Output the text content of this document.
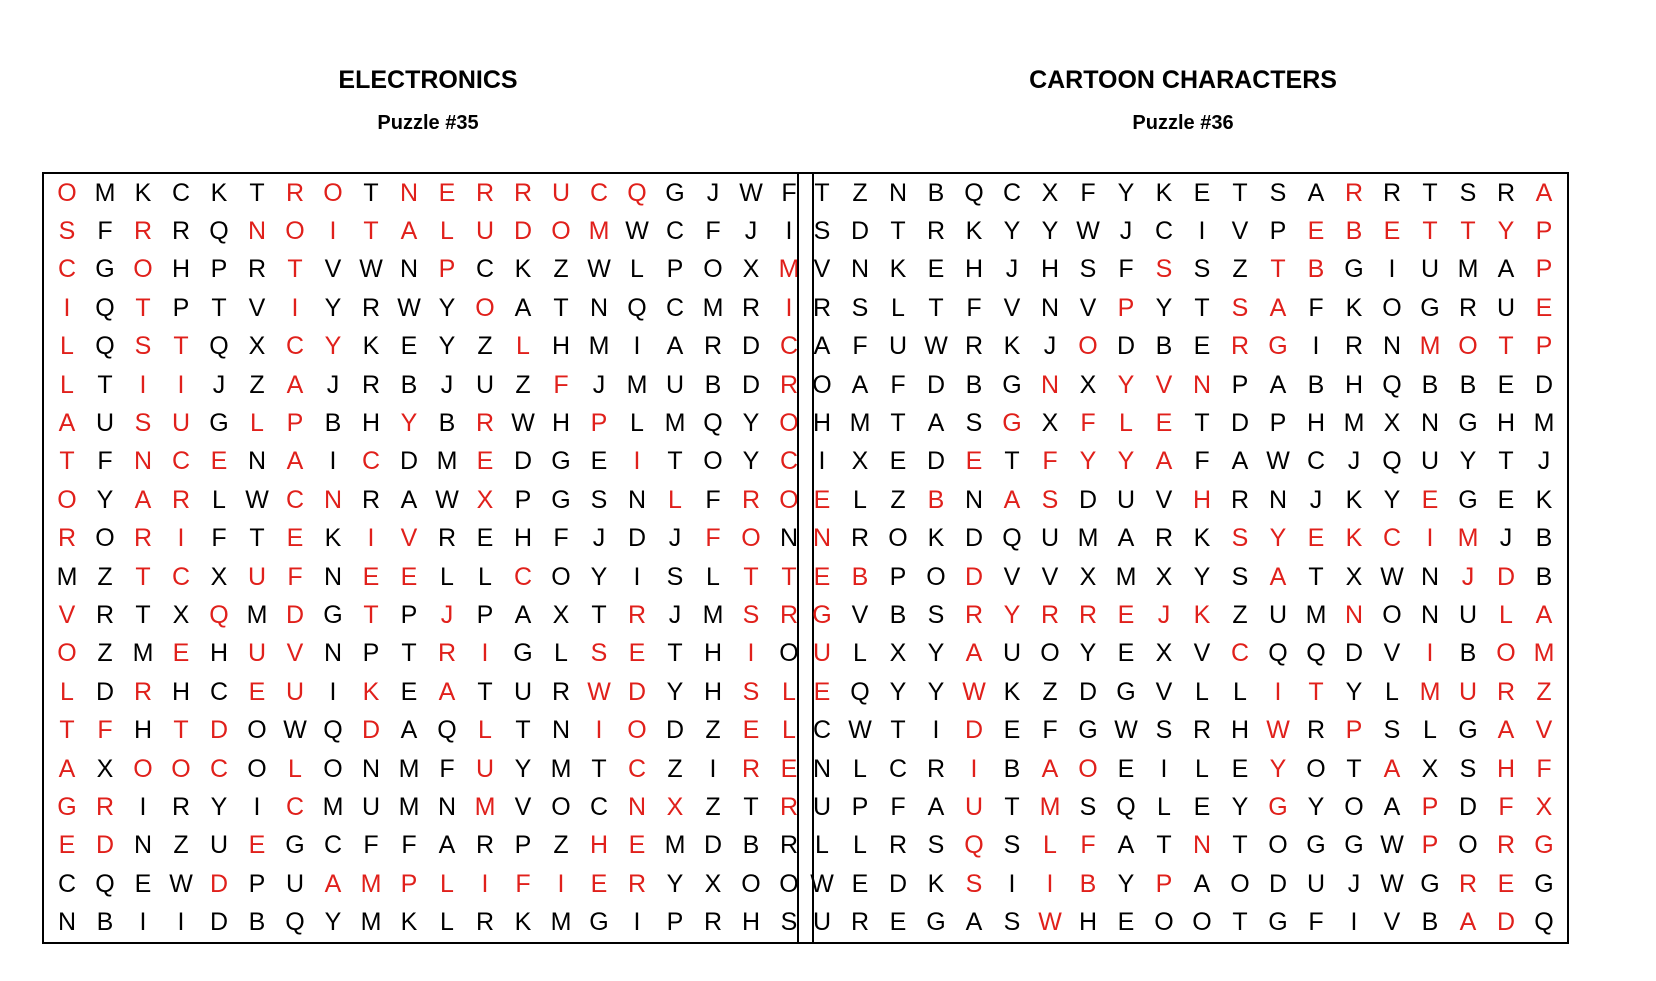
ELECTRONICS
Puzzle #35
O M K C K T R O T N E R R U C Q G J W F
S F R R Q N O I	T A L U D O M W C F J	I
C G O H P R T V W N P C K Z W L P O X M
I Q T P T V	I	Y R W Y O A T N Q C M R	I
L Q S T Q X C Y K E Y Z L H M I	A R D C
L T	I	I	J Z A J R B J U Z F J M U B D R
A U S U G L P B H Y B R W H P L M Q Y O
T F N C E N A	I	C D M E D G E	I	T O Y C
O Y A R L W C N R A W X P G S N L F R O
R O R	I	F T E K	I	V R E H F J D J F O N
M Z T C X U F N E E L L C O Y	I	S L T T
V R T X Q M D G T P J P A X T R J M S R
O Z M E H U V N P T R	I G L S E T H	I O
L D R H C E U	I	K E A T U R W D Y H S L
T F H T D O W Q D A Q L T N	I O D Z E L
A X O O C O L O N M F U Y M T C Z	I	R E
G R	I	R Y	I	C M U M N M V O C N X Z T R
E D N Z U E G C F F A R P Z H E M D B R
C Q E W D P U A M P L	I	F	I	E R Y X O O
N B	I	I	D B Q Y M K L R K M G I	P R H S
CARTOON CHARACTERS
Puzzle #36
T Z N B Q C X F Y K E T S A R R T S R A
S D T R K Y Y W J C	I	V P E B E T T Y P
V N K E H J H S F S S Z T B G I	U M A P
R S L T F V N V P Y T S A F K O G R U E
A F U W R K J O D B E R G I	R N M O T P
O A F D B G N X Y V N P A B H Q B B E D
H M T A S G X F L E T D P H M X N G H M
I	X E D E T F Y Y A F A W C J Q U Y T J
E L Z B N A S D U V H R N J K Y E G E K
N R O K D Q U M A R K S Y E K C	I M J B
E B P O D V V X M X Y S A T X W N J D B
G V B S R Y R R E J K Z U M N O N U L A
U L X Y A U O Y E X V C Q Q D V	I	B O M
E Q Y Y W K Z D G V L L	I	T Y L M U R Z
C W T	I	D E F G W S R H W R P S L G A V
N L C R	I	B A O E	I	L E Y O T A X S H F
U P F A U T M S Q L E Y G Y O A P D F X
L L R S Q S L F A T N T O G G W P O R G
W E D K S	I	I	B Y P A O D U J W G R E G
U R E G A S W H E O O T G F	I	V B A D Q
